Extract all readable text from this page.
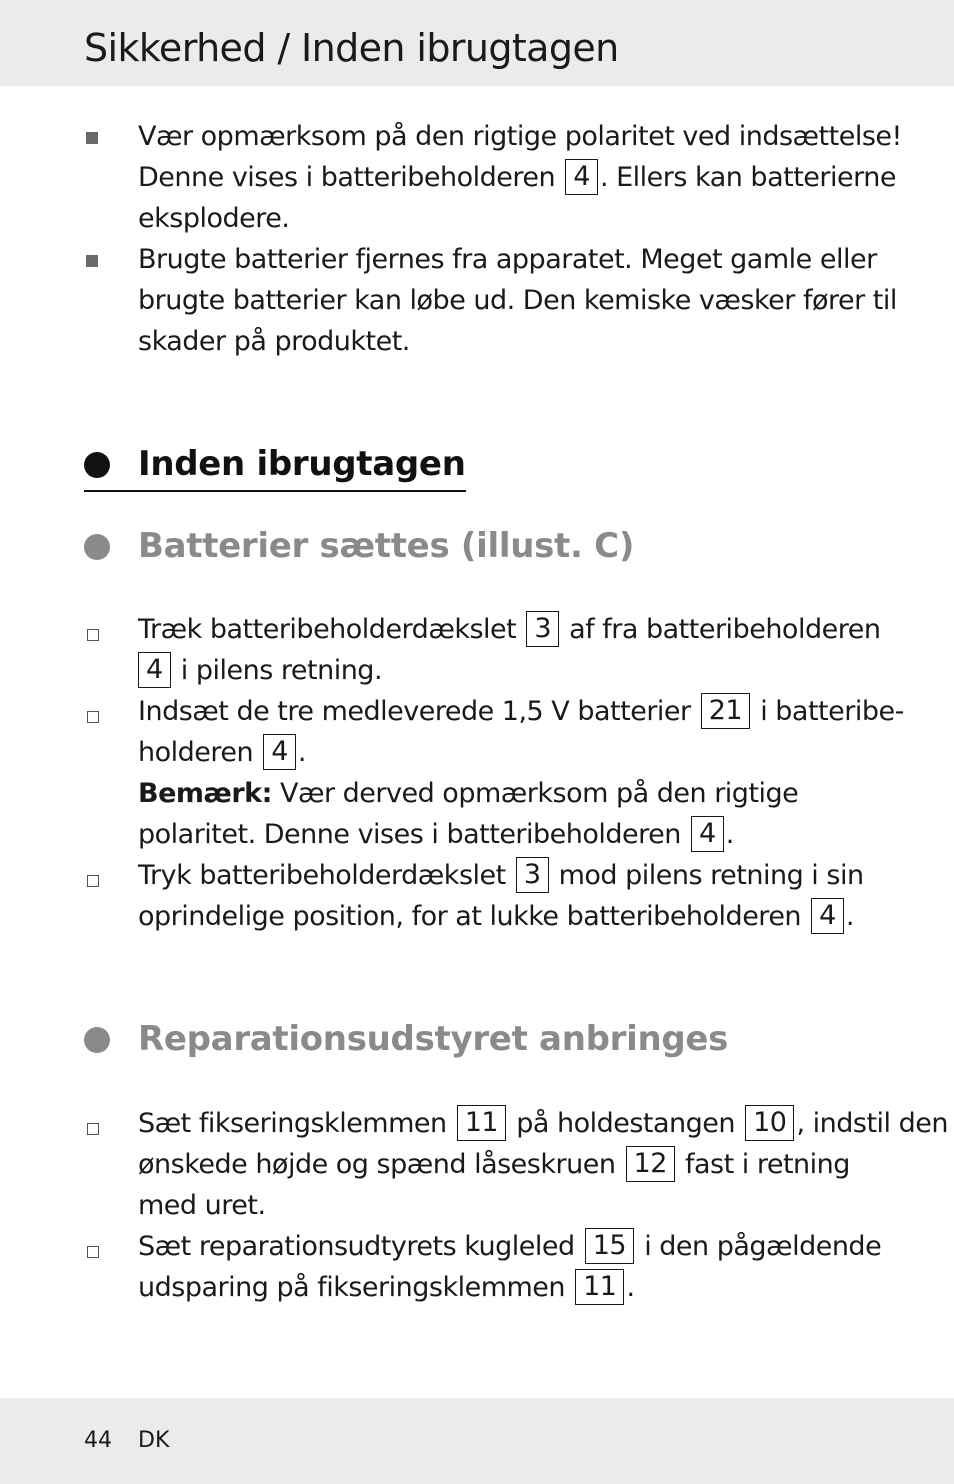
Sikkerhed / Inden ibrugtagen
Vær opmærksom på den rigtige polaritet ved indsættelse!
Denne vises i batteribeholderen 4 . Ellers kan batterierne
eksplodere.
Brugte batterier fjernes fra apparatet. Meget gamle eller
brugte batterier kan løbe ud. Den kemiske væsker fører til
skader på produktet.
Inden ibrugtagen
Batterier sættes (illust. C)
Træk batteribeholderdækslet 3 af fra batteribeholderen
4 i pilens retning.
Indsæt de tre medleverede 1,5 V batterier 21 i batteribe-
holderen 4 .
Bemærk: Vær derved opmærksom på den rigtige
polaritet. Denne vises i batteribeholderen 4 .
Tryk batteribeholderdækslet 3 mod pilens retning i sin
oprindelige position, for at lukke batteribeholderen 4 .
Reparationsudstyret anbringes
Sæt fikseringsklemmen 11 på holdestangen 10 , indstil den
ønskede højde og spænd låseskruen 12 fast i retning
med uret.
Sæt reparationsudtyrets kugleled 15 i den pågældende
udsparing på fikseringsklemmen 11 .
44 DK
